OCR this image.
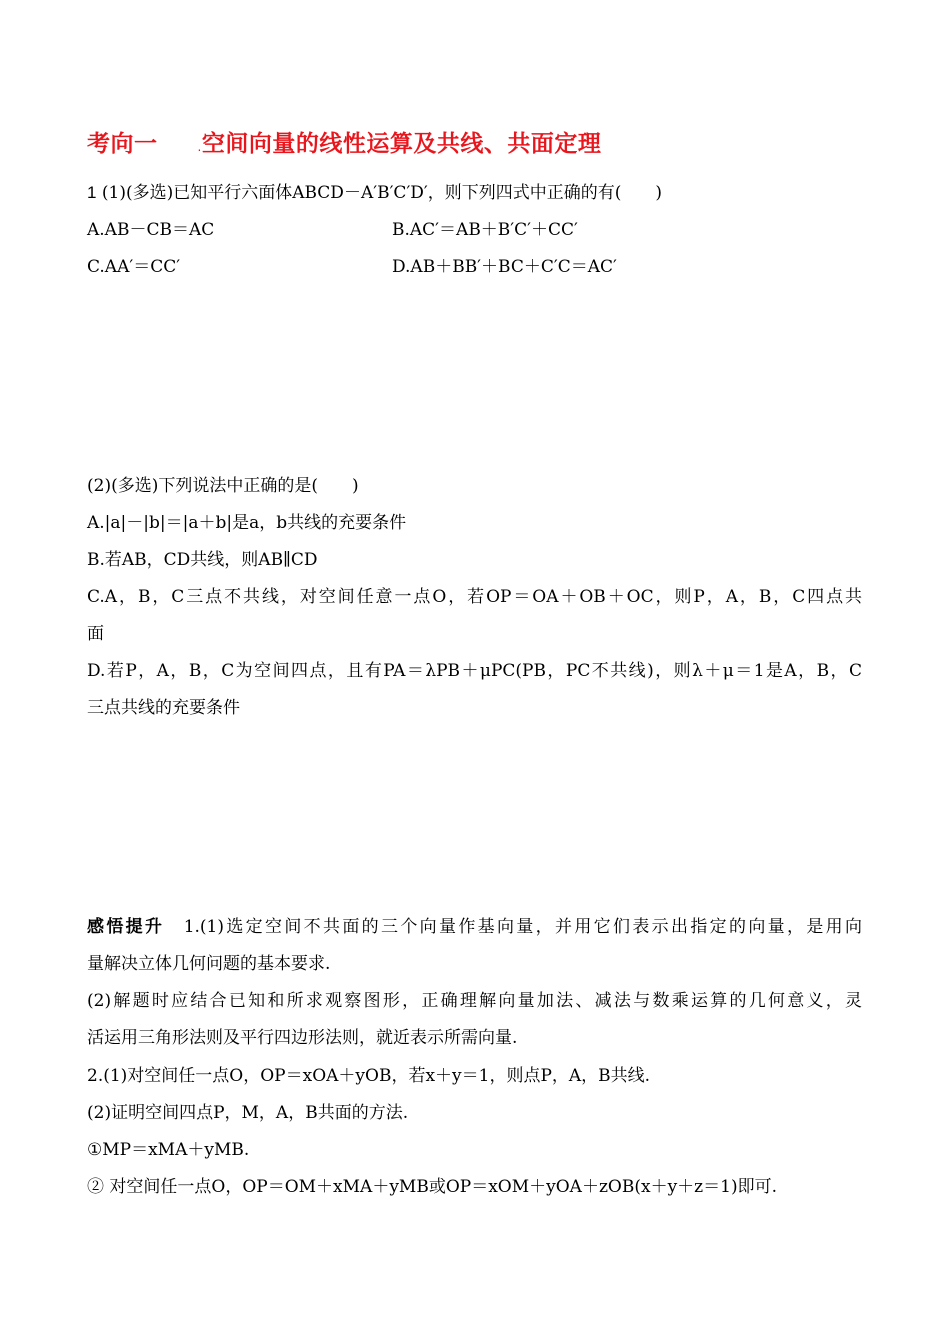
考向一	.空间向量的线性运算及共线、共面定理
1 (1)(多选)已知平行六面体ABCD－A′B′C′D′，则下列四式中正确的有(　　)
A.AB－CB＝AC	B.AC′＝AB＋B′C′＋CC′
C.AA′＝CC′	D.AB＋BB′＋BC＋C′C＝AC′
(2)(多选)下列说法中正确的是(　　)
A.|a|－|b|＝|a＋b|是a，b共线的充要条件
B.若AB，CD共线，则AB∥CD
C.A，B，C三点不共线，对空间任意一点O，若OP＝OA＋OB＋OC，则P，A，B，C四点共
面
D.若P，A，B，C为空间四点，且有PA＝λPB＋μPC(PB，PC不共线)，则λ＋μ＝1是A，B，C
三点共线的充要条件
感悟提升　 1.(1)选定空间不共面的三个向量作基向量，并用它们表示出指定的向量，是用向
量解决立体几何问题的基本要求.
(2)解题时应结合已知和所求观察图形，正确理解向量加法、减法与数乘运算的几何意义，灵
活运用三角形法则及平行四边形法则，就近表示所需向量.
2.(1)对空间任一点O，OP＝xOA＋yOB，若x＋y＝1，则点P，A，B共线.
(2)证明空间四点P，M，A，B共面的方法.
①MP＝xMA＋yMB.
② 对空间任一点O，OP＝OM＋xMA＋yMB或OP＝xOM＋yOA＋zOB(x＋y＋z＝1)即可.
